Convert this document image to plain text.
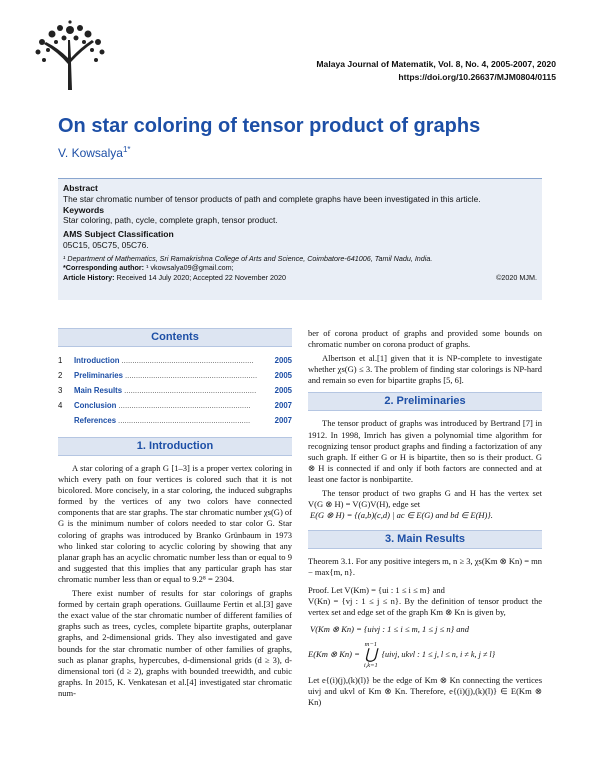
Malaya Journal of Matematik, Vol. 8, No. 4, 2005-2007, 2020
https://doi.org/10.26637/MJM0804/0115
On star coloring of tensor product of graphs
V. Kowsalya$^{1*}$
Abstract
The star chromatic number of tensor products of path and complete graphs have been investigated in this article.
Keywords
Star coloring, path, cycle, complete graph, tensor product.
AMS Subject Classification
05C15, 05C75, 05C76.
¹ Department of Mathematics, Sri Ramakrishna College of Arts and Science, Coimbatore-641006, Tamil Nadu, India.
*Corresponding author: ¹ vkowsalya09@gmail.com;
Article History: Received 14 July 2020; Accepted 22 November 2020	©2020 MJM.
Contents
1	Introduction .............................................................	2005
2	Preliminaries .............................................................	2005
3	Main Results .............................................................	2005
4	Conclusion .............................................................	2007
References .............................................................	2007
1. Introduction

A star coloring of a graph G [1–3] is a proper vertex coloring in which every path on four vertices is colored such that it is not bicolored. More concisely, in a star coloring, the induced subgraphs formed by the vertices of any two colors have connected components that are star graphs. The star chromatic number χs(G) of G is the minimum number of colors needed to star color G. Star coloring of graphs was introduced by Branko Grünbaum in 1973 who linked star coloring to acyclic coloring by showing that any planar graph has an acyclic chromatic number less than or equal to 9 and suggested that this implies that any particular graph has star chromatic number less than or equal to 9.2⁸ = 2304.

There exist number of results for star colorings of graphs formed by certain graph operations. Guillaume Fertin et al.[3] gave the exact value of the star chromatic number of different families of graphs such as trees, cycles, complete bipartite graphs, outerplanar graphs, and 2-dimensional grids. They also investigated and gave bounds for the star chromatic number of other families of graphs, such as planar graphs, hypercubes, d-dimensional grids (d ≥ 3), d-dimensional tori (d ≥ 2), graphs with bounded treewidth, and cubic graphs. In 2015, K. Venkatesan et al.[4] investigated star chromatic num-

ber of corona product of graphs and provided some bounds on chromatic number on corona product of graphs.

Albertson et al.[1] given that it is NP-complete to investigate whether χs(G) ≤ 3. The problem of finding star colorings is NP-hard and remain so even for bipartite graphs [5, 6].

2. Preliminaries

The tensor product of graphs was introduced by Bertrand [7] in 1912. In 1998, Imrich has given a polynomial time algorithm for recognizing tensor product graphs and finding a factorization of any such graph. If either G or H is bipartite, then so is their product. G ⊗ H is connected if and only if both factors are connected and at least one factor is nonbipartite.

The tensor product of two graphs G and H has the vertex set V(G ⊗ H) = V(G)V(H), edge set

E(G ⊗ H) = {(a,b)(c,d) | ac ∈ E(G) and bd ∈ E(H)}.

3. Main Results

Theorem 3.1. For any positive integers m, n ≥ 3, χs(Km ⊗ Kn) = mn − max{m, n}.

Proof. Let V(Km) = {ui : 1 ≤ i ≤ m} and

V(Kn) = {vj : 1 ≤ j ≤ n}. By the definition of tensor product the vertex set and edge set of the graph Km ⊗ Kn is given by,

V(Km ⊗ Kn) = {uivj : 1 ≤ i ≤ m, 1 ≤ j ≤ n} and

E(Km ⊗ Kn) =
m−1
⋃
i,k=1
{uivj, ukvl : 1 ≤ j, l ≤ n, i ≠ k, j ≠ l}

Let e{(i)(j),(k)(l)} be the edge of Km ⊗ Kn connecting the vertices uivj and ukvl of Km ⊗ Kn. Therefore, e{(i)(j),(k)(l)} ∈ E(Km ⊗ Kn)
